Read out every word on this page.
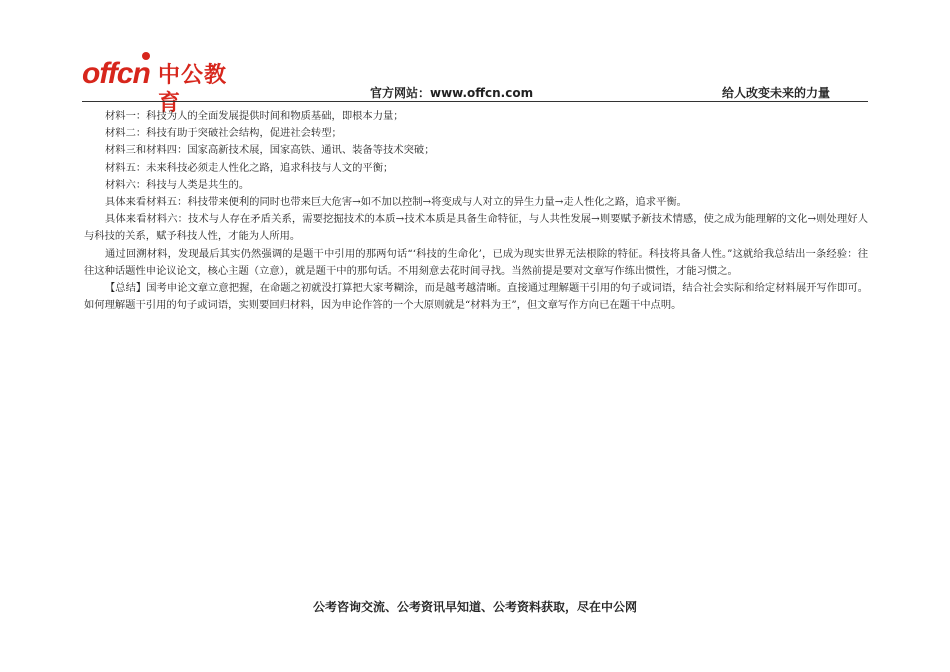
offcn 中公教育	官方网站：www.offcn.com	给人改变未来的力量

材料一：科技为人的全面发展提供时间和物质基础，即根本力量；

材料二：科技有助于突破社会结构，促进社会转型；

材料三和材料四：国家高新技术展，国家高铁、通讯、装备等技术突破；

材料五：未来科技必须走人性化之路，追求科技与人文的平衡；

材料六：科技与人类是共生的。

具体来看材料五：科技带来便利的同时也带来巨大危害→如不加以控制→将变成与人对立的异生力量→走人性化之路，追求平衡。

具体来看材料六：技术与人存在矛盾关系，需要挖掘技术的本质→技术本质是具备生命特征，与人共性发展→则要赋予新技术情感，使之成为能理解的文化→则处理好人与科技的关系，赋予科技人性，才能为人所用。

通过回溯材料，发现最后其实仍然强调的是题干中引用的那两句话“‘科技的生命化’，已成为现实世界无法根除的特征。科技将具备人性。”这就给我总结出一条经验：往往这种话题性申论议论文，核心主题（立意），就是题干中的那句话。不用刻意去花时间寻找。当然前提是要对文章写作练出惯性，才能习惯之。

【总结】国考申论文章立意把握，在命题之初就没打算把大家考糊涂，而是越考越清晰。直接通过理解题干引用的句子或词语，结合社会实际和给定材料展开写作即可。如何理解题干引用的句子或词语，实则要回归材料，因为申论作答的一个大原则就是“材料为王”，但文章写作方向已在题干中点明。

公考咨询交流、公考资讯早知道、公考资料获取，尽在中公网
